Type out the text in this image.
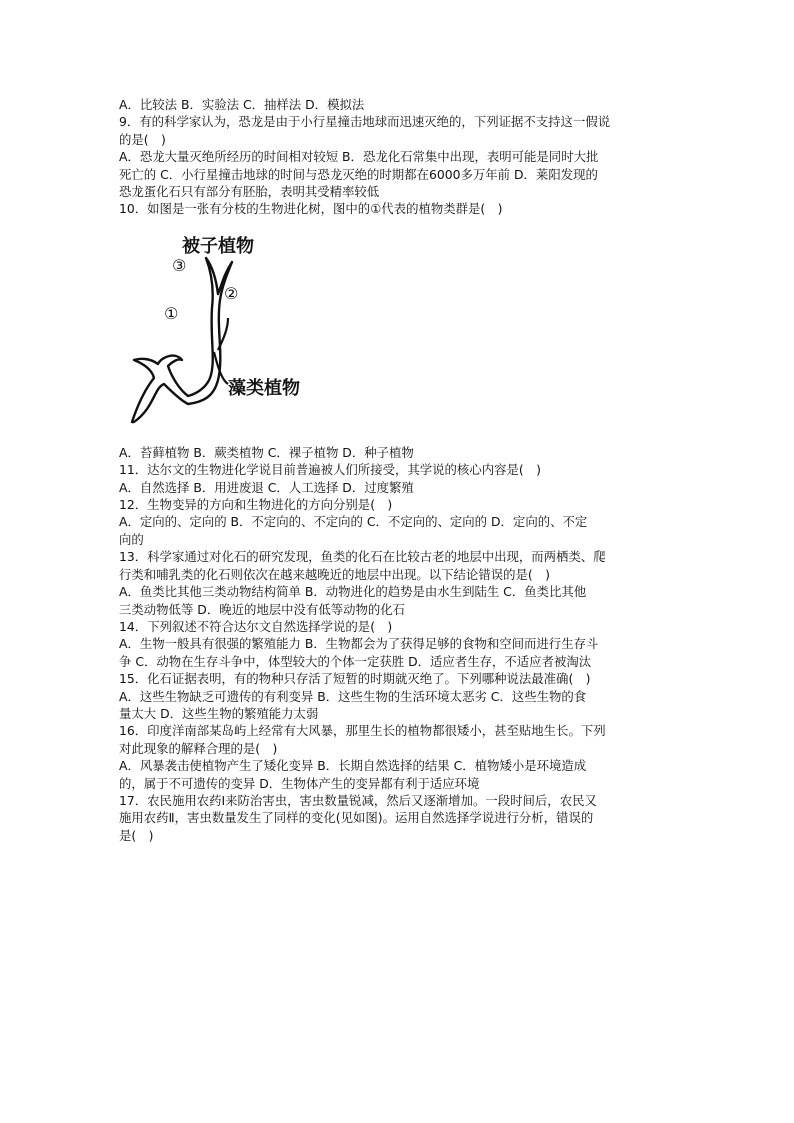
A．比较法 B．实验法 C．抽样法 D．模拟法
9．有的科学家认为，恐龙是由于小行星撞击地球而迅速灭绝的，下列证据不支持这一假说
的是(　)
A．恐龙大量灭绝所经历的时间相对较短 B．恐龙化石常集中出现，表明可能是同时大批
死亡的 C．小行星撞击地球的时间与恐龙灭绝的时期都在6000多万年前 D．莱阳发现的
恐龙蛋化石只有部分有胚胎，表明其受精率较低
10．如图是一张有分枝的生物进化树，图中的①代表的植物类群是(　)
被子植物
藻类植物
③
②
①
A．苔藓植物 B．蕨类植物 C．裸子植物 D．种子植物
11．达尔文的生物进化学说目前普遍被人们所接受，其学说的核心内容是(　)
A．自然选择 B．用进废退 C．人工选择 D．过度繁殖
12．生物变异的方向和生物进化的方向分别是(　)
A．定向的、定向的 B．不定向的、不定向的 C．不定向的、定向的 D．定向的、不定
向的
13．科学家通过对化石的研究发现，鱼类的化石在比较古老的地层中出现，而两栖类、爬
行类和哺乳类的化石则依次在越来越晚近的地层中出现。以下结论错误的是(　)
A．鱼类比其他三类动物结构简单 B．动物进化的趋势是由水生到陆生 C．鱼类比其他
三类动物低等 D．晚近的地层中没有低等动物的化石
14．下列叙述不符合达尔文自然选择学说的是(　)
A．生物一般具有很强的繁殖能力 B．生物都会为了获得足够的食物和空间而进行生存斗
争 C．动物在生存斗争中，体型较大的个体一定获胜 D．适应者生存，不适应者被淘汰
15．化石证据表明，有的物种只存活了短暂的时期就灭绝了。下列哪种说法最准确(　)
A．这些生物缺乏可遗传的有利变异 B．这些生物的生活环境太恶劣 C．这些生物的食
量太大 D．这些生物的繁殖能力太弱
16．印度洋南部某岛屿上经常有大风暴，那里生长的植物都很矮小，甚至贴地生长。下列
对此现象的解释合理的是(　)
A．风暴袭击使植物产生了矮化变异 B．长期自然选择的结果 C．植物矮小是环境造成
的，属于不可遗传的变异 D．生物体产生的变异都有利于适应环境
17．农民施用农药Ⅰ来防治害虫，害虫数量锐减，然后又逐渐增加。一段时间后，农民又
施用农药Ⅱ，害虫数量发生了同样的变化(见如图)。运用自然选择学说进行分析，错误的
是(　)
